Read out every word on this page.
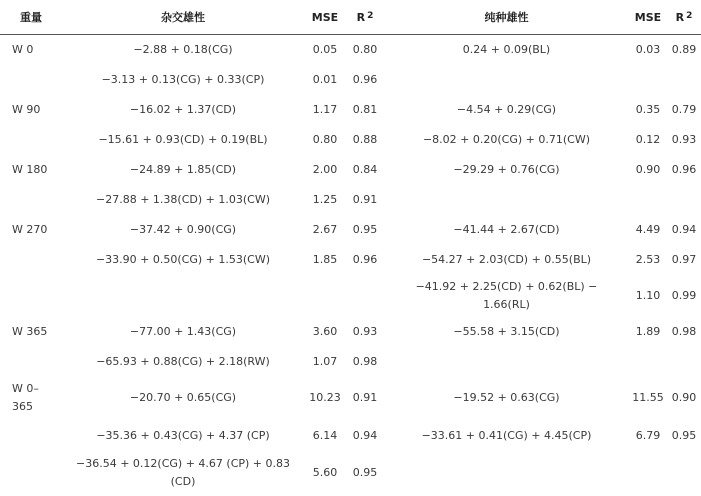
重量	杂交雄性	MSE	R $^2$	纯种雄性	MSE	R $^2$

W 0	−2.88 + 0.18(CG)	0.05	0.80	0.24 + 0.09(BL)	0.03	0.89

	−3.13 + 0.13(CG) + 0.33(CP)	0.01	0.96			

W 90	−16.02 + 1.37(CD)	1.17	0.81	−4.54 + 0.29(CG)	0.35	0.79

	−15.61 + 0.93(CD) + 0.19(BL)	0.80	0.88	−8.02 + 0.20(CG) + 0.71(CW)	0.12	0.93

W 180	−24.89 + 1.85(CD)	2.00	0.84	−29.29 + 0.76(CG)	0.90	0.96

	−27.88 + 1.38(CD) + 1.03(CW)	1.25	0.91			

W 270	−37.42 + 0.90(CG)	2.67	0.95	−41.44 + 2.67(CD)	4.49	0.94

	−33.90 + 0.50(CG) + 1.53(CW)	1.85	0.96	−54.27 + 2.03(CD) + 0.55(BL)	2.53	0.97

				−41.92 + 2.25(CD) + 0.62(BL) −
1.66(RL)	1.10	0.99

W 365	−77.00 + 1.43(CG)	3.60	0.93	−55.58 + 3.15(CD)	1.89	0.98

	−65.93 + 0.88(CG) + 2.18(RW)	1.07	0.98			

W 0–
365	−20.70 + 0.65(CG)	10.23	0.91	−19.52 + 0.63(CG)	11.55	0.90

	−35.36 + 0.43(CG) + 4.37 (CP)	6.14	0.94	−33.61 + 0.41(CG) + 4.45(CP)	6.79	0.95

	−36.54 + 0.12(CG) + 4.67 (CP) + 0.83
(CD)	5.60	0.95			
